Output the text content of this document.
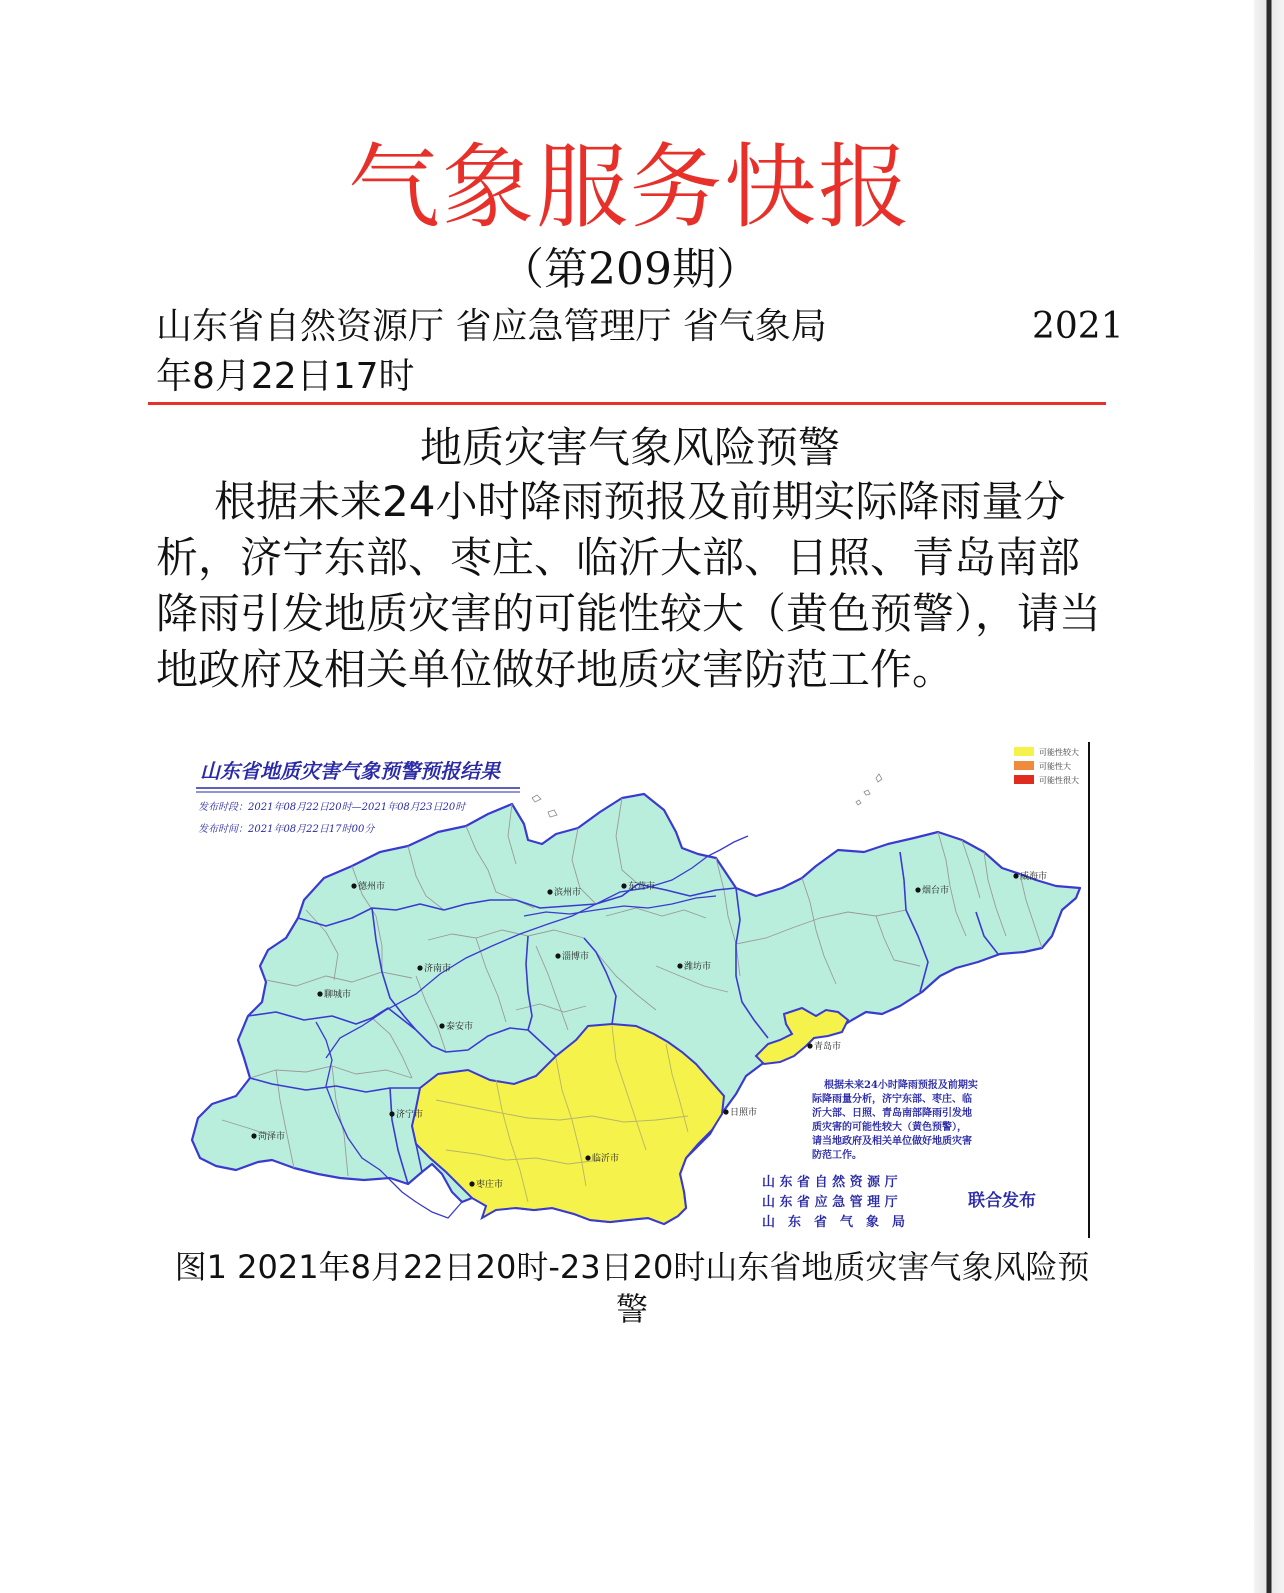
气象服务快报
（第209期）
山东省自然资源厅 省应急管理厅 省气象局	2021
年8月22日17时
地质灾害气象风险预警
根据未来24小时降雨预报及前期实际降雨量分析，济宁东部、枣庄、临沂大部、日照、青岛南部降雨引发地质灾害的可能性较大（黄色预警），请当地政府及相关单位做好地质灾害防范工作。
山东省地质灾害气象预警预报结果
发布时段：2021年08月22日20时—2021年08月23日20时
发布时间：2021年08月22日17时00分
可能性较大
可能性大
可能性很大
德州市
滨州市
东营市	烟台市
威海市
济南市
淄博市
潍坊市
聊城市
泰安市
青岛市
日照市
济宁市
菏泽市
临沂市
枣庄市
根据未来24小时降雨预报及前期实
际降雨量分析，济宁东部、枣庄、临
沂大部、日照、青岛南部降雨引发地
质灾害的可能性较大（黄色预警），
请当地政府及相关单位做好地质灾害
防范工作。
山 东 省 自 然 资 源 厅
山 东 省 应 急 管 理 厅
山　东　省　气　象　局
联合发布
图1 2021年8月22日20时-23日20时山东省地质灾害气象风险预警
